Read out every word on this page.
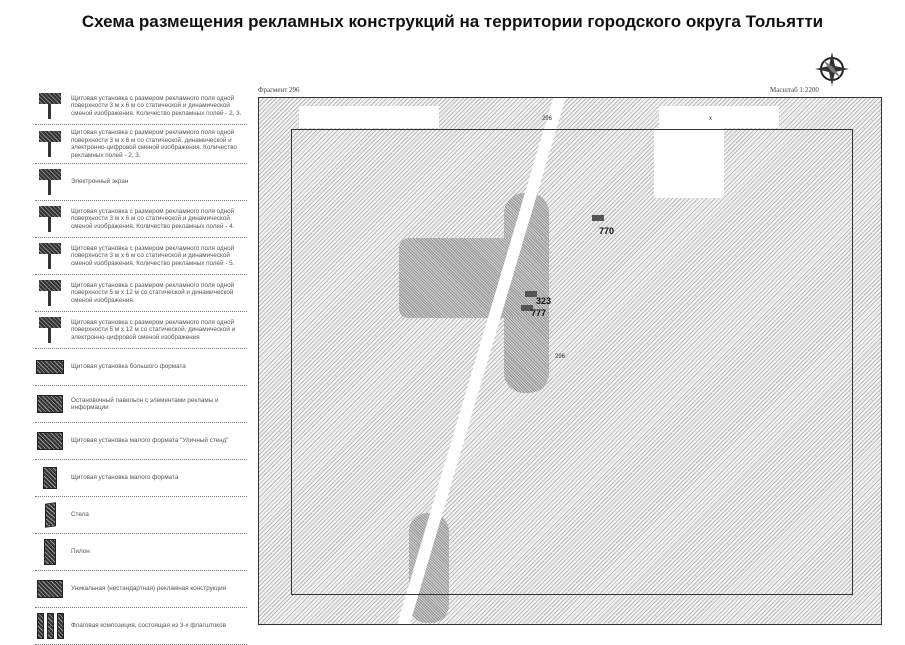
Схема размещения рекламных конструкций на территории городского округа Тольятти
Щитовая установка с размером рекламного поля одной поверхности 3 м х 6 м со статической и динамической сменой изображения. Количество рекламных полей - 2, 3.
Щитовая установка с размером рекламного поля одной поверхности 3 м х 6 м со статической, динамической и электронно-цифровой сменой изображения. Количество рекламных полей - 2, 3.
Электронный экран
Щитовая установка с размером рекламного поля одной поверхности 3 м х 6 м со статической и динамической сменой изображения. Количество рекламных полей - 4.
Щитовая установка с размером рекламного поля одной поверхности 3 м х 6 м со статической и динамической сменой изображения. Количество рекламных полей - 5.
Щитовая установка с размером рекламного поля одной поверхности 5 м х 12 м со статической и динамической сменой изображения.
Щитовая установка с размером рекламного поля одной поверхности 5 м х 12 м со статической, динамической и электронно-цифровой сменой изображения
Щитовая установка большого формата
Остановочный павильон с элементами рекламы и информации
Щитовая установка малого формата "Уличный стенд"
Щитовая установка малого формата
Стела
Пилон
Уникальная (нестандартная) рекламная конструкция
Флаговая композиция, состоящая из 3-х флагштоков
Фрагмент 296	Масштаб 1:2200
296	x
296
770
323
777
